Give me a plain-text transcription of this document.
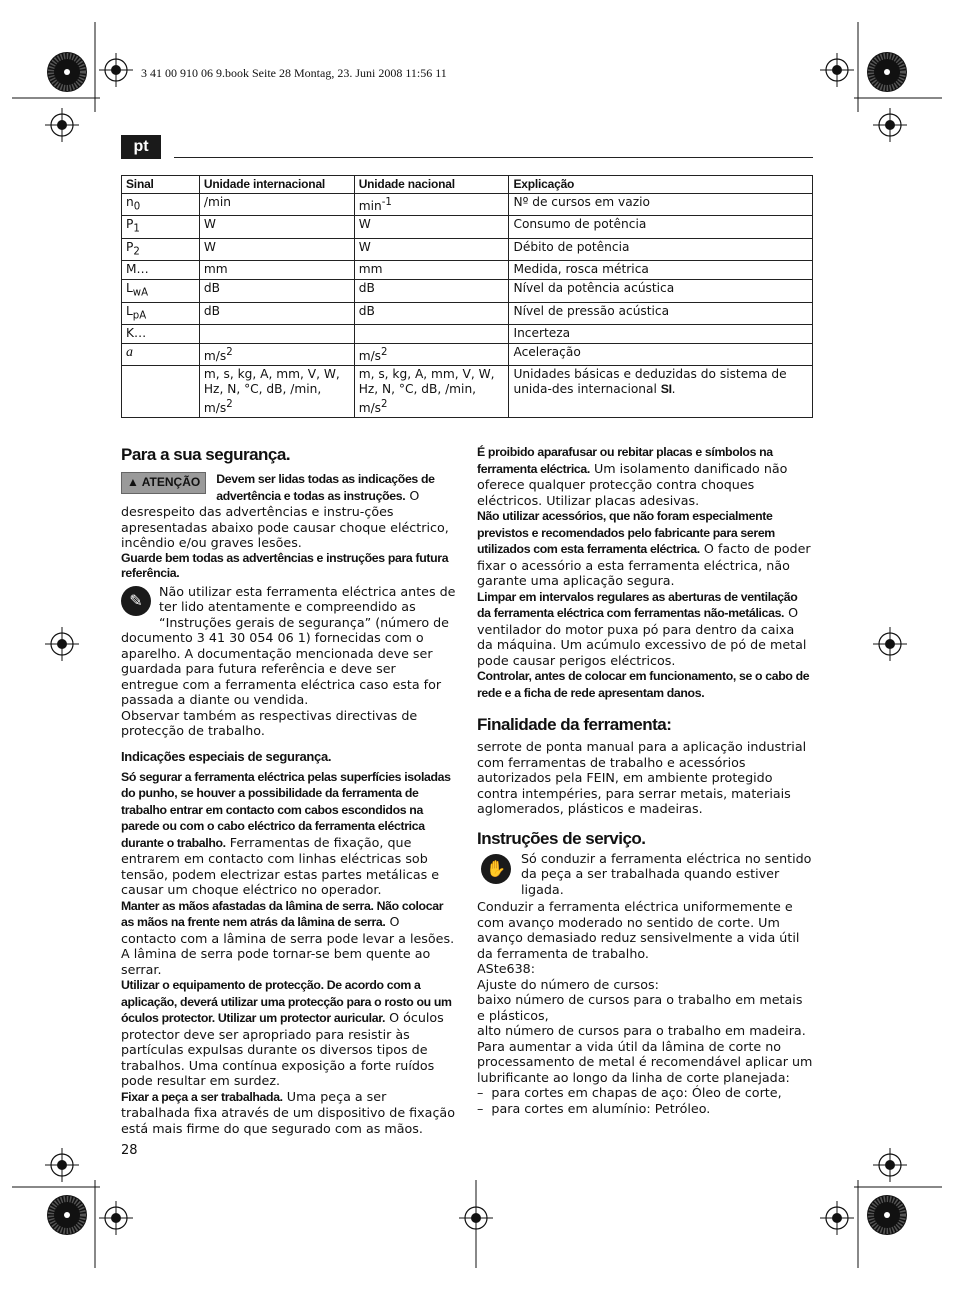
3 41 00 910 06 9.book Seite 28 Montag, 23. Juni 2008 11:56 11
pt
Sinal	Unidade internacional	Unidade nacional	Explicação
$n_0$	/min	$\min^{-1}$	Nº de cursos em vazio
$P_1$	W	W	Consumo de potência
$P_2$	W	W	Débito de potência
M…	mm	mm	Medida, rosca métrica
$L_{wA}$	dB	dB	Nível da potência acústica
$L_{pA}$	dB	dB	Nível de pressão acústica
K…			Incerteza
a	$m/s^2$	$m/s^2$	Aceleração
	m, s, kg, A, mm, V, W, Hz, N, °C, dB, /min, $m/s^2$	m, s, kg, A, mm, V, W, Hz, N, °C, dB, /min, $m/s^2$	Unidades básicas e deduzidas do sistema de unida-des internacional SI.
Para a sua segurança.
▲ ATENÇÃO	Devem ser lidas todas as indicações de advertência e todas as instruções. O desrespeito das advertências e instru-ções apresentadas abaixo pode causar choque eléctrico, incêndio e/ou graves lesões.

Guarde bem todas as advertências e instruções para futura referência.

✎	Não utilizar esta ferramenta eléctrica antes de ter lido atentamente e compreendido as “Instruções gerais de segurança” (número de documento 3 41 30 054 06 1) fornecidas com o aparelho. A documentação mencionada deve ser guardada para futura referência e deve ser entregue com a ferramenta eléctrica caso esta for passada a diante ou vendida.

Observar também as respectivas directivas de protecção de trabalho.

Indicações especiais de segurança.

Só segurar a ferramenta eléctrica pelas superfícies isoladas do punho, se houver a possibilidade da ferramenta de trabalho entrar em contacto com cabos escondidos na parede ou com o cabo eléctrico da ferramenta eléctrica durante o trabalho. Ferramentas de fixação, que entrarem em contacto com linhas eléctricas sob tensão, podem electrizar estas partes metálicas e causar um choque eléctrico no operador.

Manter as mãos afastadas da lâmina de serra. Não colocar as mãos na frente nem atrás da lâmina de serra. O contacto com a lâmina de serra pode levar a lesões. A lâmina de serra pode tornar-se bem quente ao serrar.

Utilizar o equipamento de protecção. De acordo com a aplicação, deverá utilizar uma protecção para o rosto ou um óculos protector. Utilizar um protector auricular. O óculos protector deve ser apropriado para resistir às partículas expulsas durante os diversos tipos de trabalhos. Uma contínua exposição a forte ruídos pode resultar em surdez.

Fixar a peça a ser trabalhada. Uma peça a ser trabalhada fixa através de um dispositivo de fixação está mais firme do que segurado com as mãos.

É proibido aparafusar ou rebitar placas e símbolos na ferramenta eléctrica. Um isolamento danificado não oferece qualquer protecção contra choques eléctricos. Utilizar placas adesivas.

Não utilizar acessórios, que não foram especialmente previstos e recomendados pelo fabricante para serem utilizados com esta ferramenta eléctrica. O facto de poder fixar o acessório a esta ferramenta eléctrica, não garante uma aplicação segura.

Limpar em intervalos regulares as aberturas de ventilação da ferramenta eléctrica com ferramentas não-metálicas. O ventilador do motor puxa pó para dentro da caixa da máquina. Um acúmulo excessivo de pó de metal pode causar perigos eléctricos.

Controlar, antes de colocar em funcionamento, se o cabo de rede e a ficha de rede apresentam danos.

Finalidade da ferramenta:

serrote de ponta manual para a aplicação industrial com ferramentas de trabalho e acessórios autorizados pela FEIN, em ambiente protegido contra intempéries, para serrar metais, materiais aglomerados, plásticos e madeiras.

Instruções de serviço.
✋

Só conduzir a ferramenta eléctrica no sentido da peça a ser trabalhada quando estiver ligada.

Conduzir a ferramenta eléctrica uniformemente e com avanço moderado no sentido de corte. Um avanço demasiado reduz sensivelmente a vida útil da ferramenta de trabalho.

ASte638:

Ajuste do número de cursos:

baixo número de cursos para o trabalho em metais e plásticos,

alto número de cursos para o trabalho em madeira.

Para aumentar a vida útil da lâmina de corte no processamento de metal é recomendável aplicar um lubrificante ao longo da linha de corte planejada:

–  para cortes em chapas de aço: Óleo de corte,
–  para cortes em alumínio: Petróleo.
28
